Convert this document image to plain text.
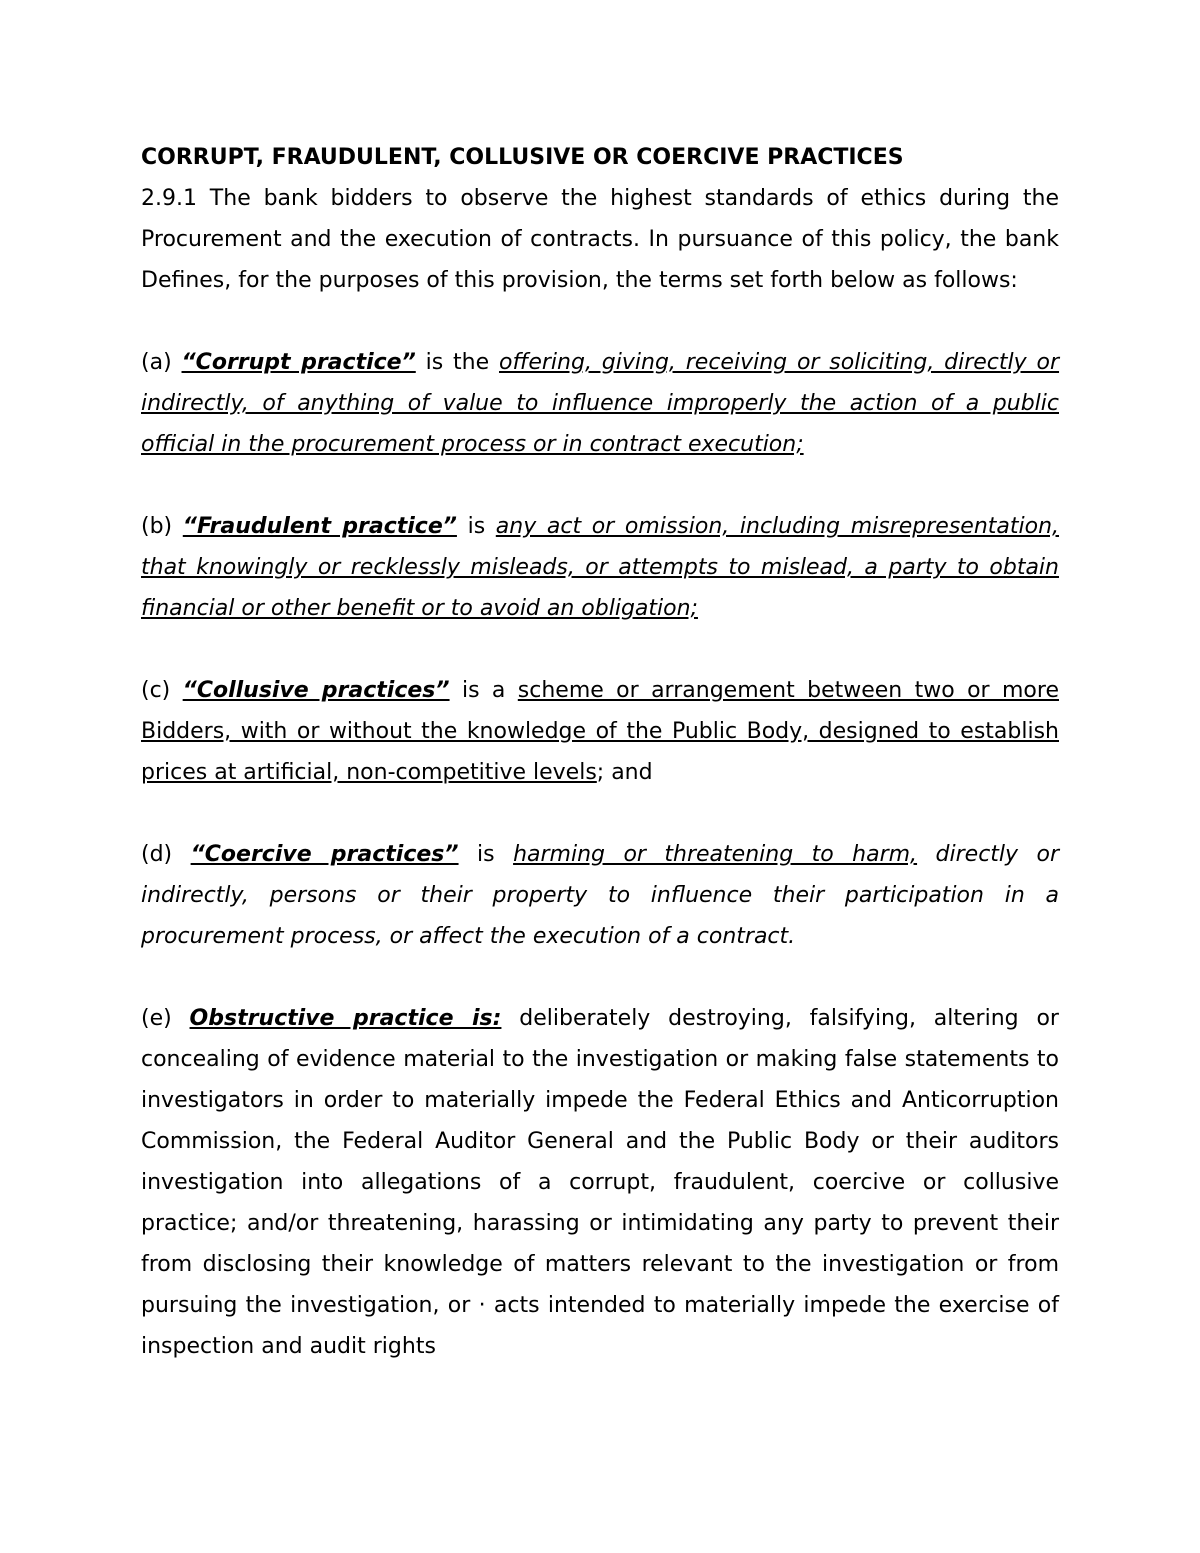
CORRUPT, FRAUDULENT, COLLUSIVE OR COERCIVE PRACTICES

2.9.1 The bank bidders to observe the highest standards of ethics during the Procurement and the execution of contracts. In pursuance of this policy, the bank Defines, for the purposes of this provision, the terms set forth below as follows:

(a) “Corrupt practice” is the offering, giving, receiving or soliciting, directly or indirectly, of anything of value to influence improperly the action of a public official in the procurement process or in contract execution;

(b) “Fraudulent practice” is any act or omission, including misrepresentation, that knowingly or recklessly misleads, or attempts to mislead, a party to obtain financial or other benefit or to avoid an obligation;

(c) “Collusive practices” is a scheme or arrangement between two or more Bidders, with or without the knowledge of the Public Body, designed to establish prices at artificial, non-competitive levels; and

(d) “Coercive practices” is harming or threatening to harm, directly or indirectly, persons or their property to influence their participation in a procurement process, or affect the execution of a contract.

(e) Obstructive practice is: deliberately destroying, falsifying, altering or concealing of evidence material to the investigation or making false statements to investigators in order to materially impede the Federal Ethics and Anticorruption Commission, the Federal Auditor General and the Public Body or their auditors investigation into allegations of a corrupt, fraudulent, coercive or collusive practice; and/or threatening, harassing or intimidating any party to prevent their from disclosing their knowledge of matters relevant to the investigation or from pursuing the investigation, or · acts intended to materially impede the exercise of inspection and audit rights
